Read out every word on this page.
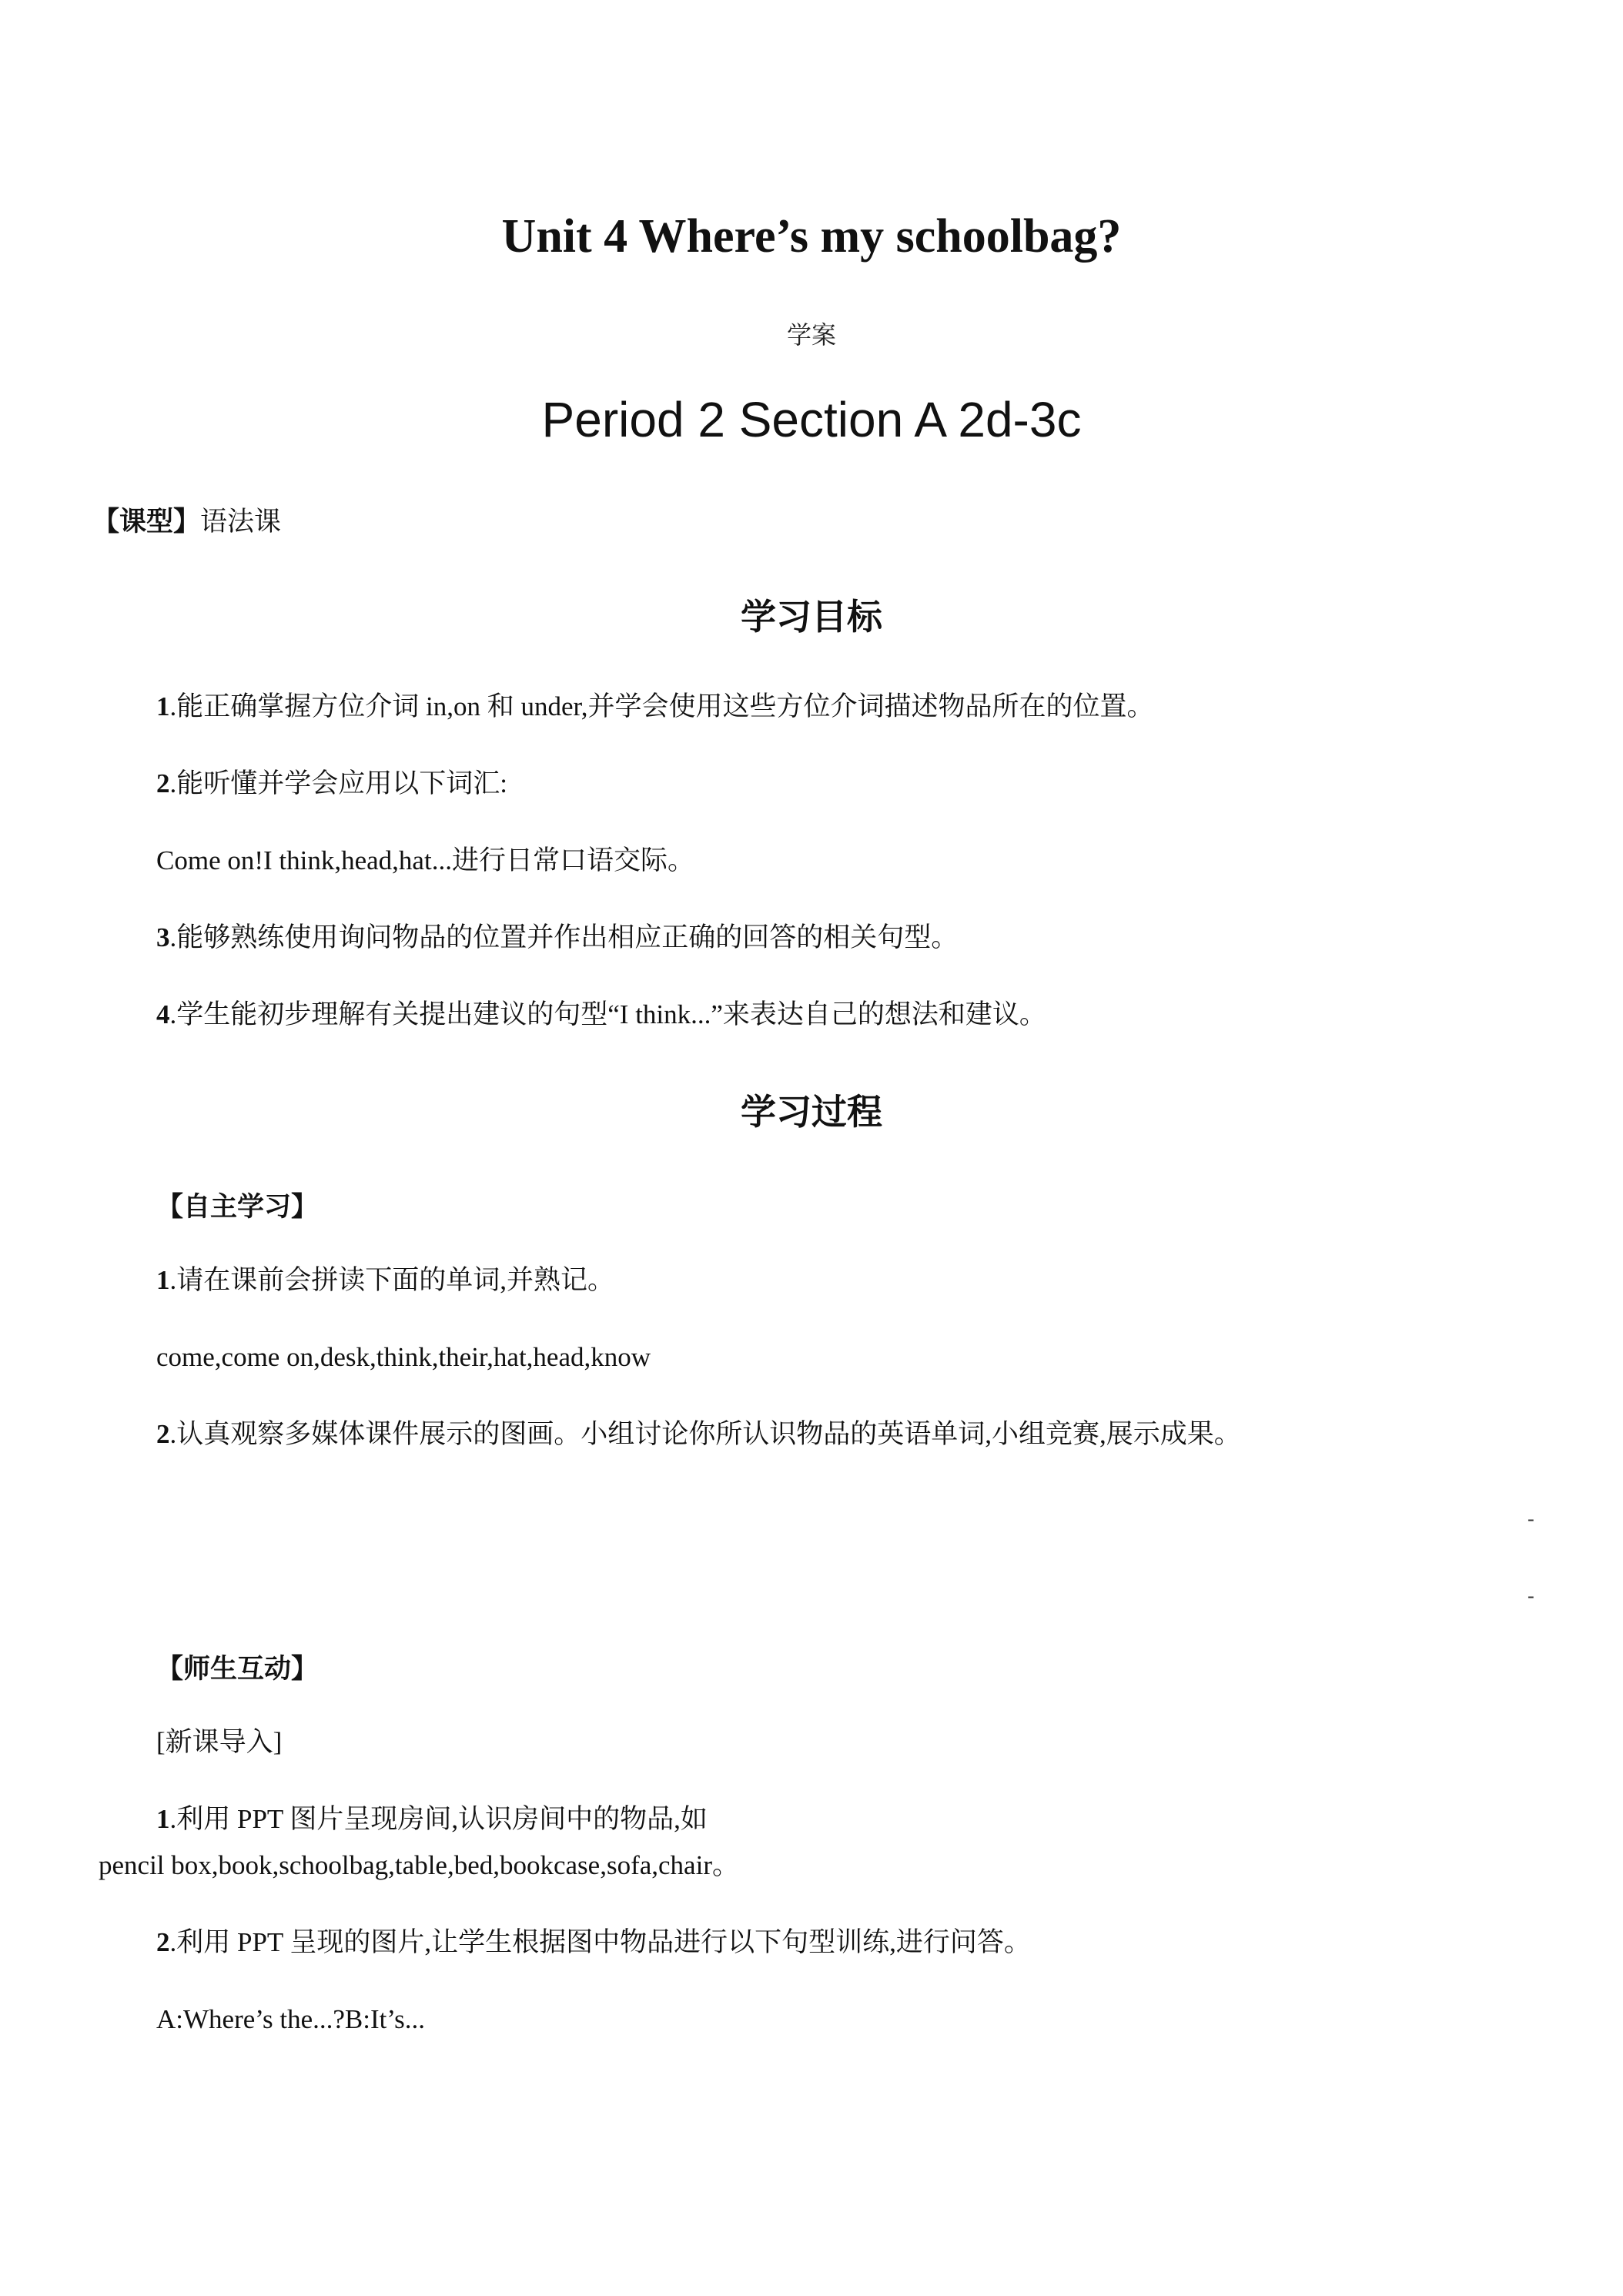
Unit 4 Where’s my schoolbag?
学案
Period 2 Section A 2d-3c
【课型】语法课
学习目标
1.能正确掌握方位介词 in,on 和 under,并学会使用这些方位介词描述物品所在的位置。
2.能听懂并学会应用以下词汇:
Come on!I think,head,hat...进行日常口语交际。
3.能够熟练使用询问物品的位置并作出相应正确的回答的相关句型。
4.学生能初步理解有关提出建议的句型“I think...”来表达自己的想法和建议。
学习过程
【自主学习】
1.请在课前会拼读下面的单词,并熟记。
come,come on,desk,think,their,hat,head,know
2.认真观察多媒体课件展示的图画。小组讨论你所认识物品的英语单词,小组竞赛,展示成果。
-
-
【师生互动】
[新课导入]
1.利用 PPT 图片呈现房间,认识房间中的物品,如
pencil box,book,schoolbag,table,bed,bookcase,sofa,chair。
2.利用 PPT 呈现的图片,让学生根据图中物品进行以下句型训练,进行问答。
A:Where’s the...?B:It’s...
